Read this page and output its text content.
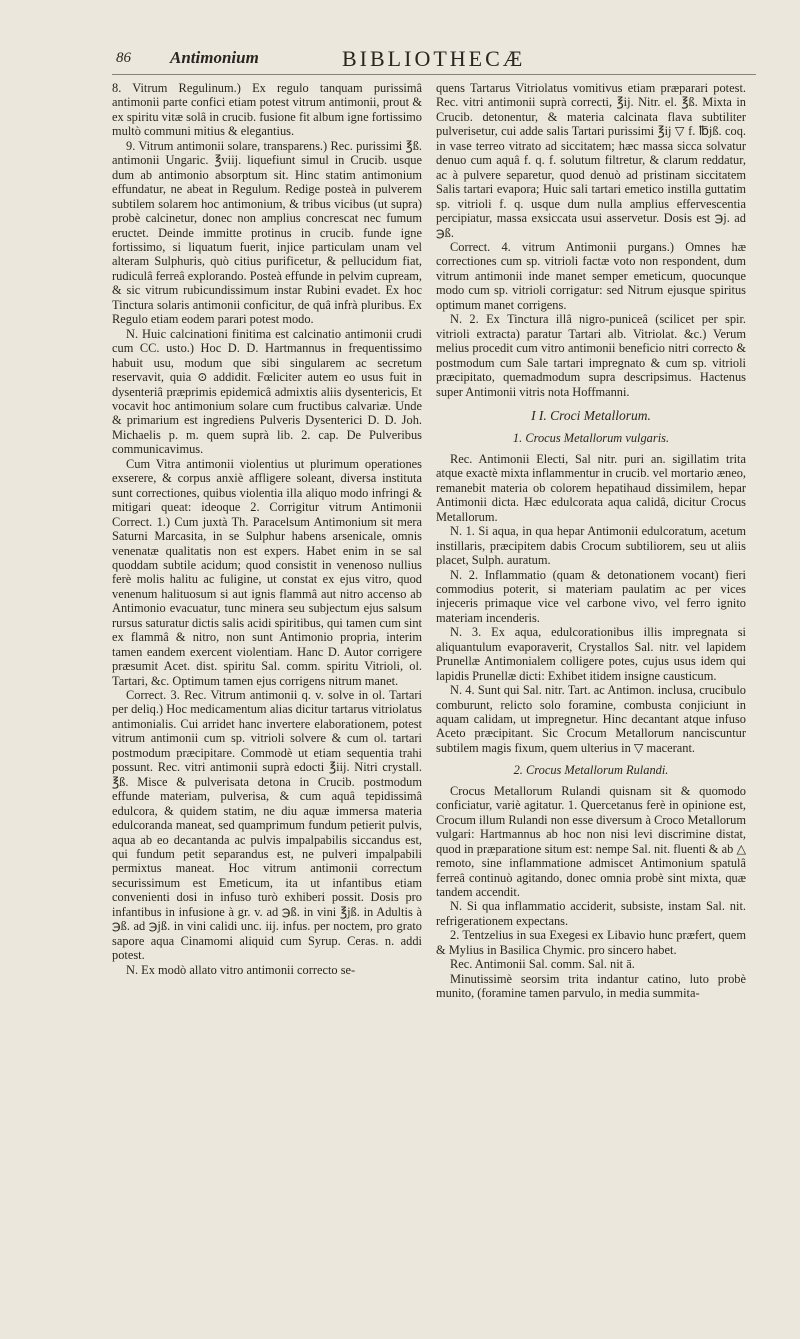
86 Antimonium	BIBLIOTHECÆ

8. Vitrum Regulinum.) Ex regulo tanquam purissimâ antimonii parte confici etiam potest vitrum antimonii, prout & ex spiritu vitæ solâ in crucib. fusione fit album igne fortissimo multò communi mitius & elegantius.

9. Vitrum antimonii solare, transparens.) Rec. purissimi ℥ß. antimonii Ungaric. ℥viij. liquefiunt simul in Crucib. usque dum ab antimonio absorptum sit. Hinc statim antimonium effundatur, ne abeat in Regulum. Redige posteà in pulverem subtilem solarem hoc antimonium, & tribus vicibus (ut supra) probè calcinetur, donec non amplius concrescat nec fumum eructet. Deinde immitte protinus in crucib. funde igne fortissimo, si liquatum fuerit, injice particulam unam vel alteram Sulphuris, quò citius purificetur, & pellucidum fiat, rudiculâ ferreâ explorando. Posteà effunde in pelvim cupream, & sic vitrum rubicundissimum instar Rubini evadet. Ex hoc Tinctura solaris antimonii conficitur, de quâ infrà pluribus. Ex Regulo etiam eodem parari potest modo.

N. Huic calcinationi finitima est calcinatio antimonii crudi cum CC. usto.) Hoc D. D. Hartmannus in frequentissimo habuit usu, modum que sibi singularem ac secretum reservavit, quia ⊙ addidit. Fœliciter autem eo usus fuit in dysenteriâ præprimis epidemicâ admixtis aliis dysentericis, Et vocavit hoc antimonium solare cum fructibus calvariæ. Unde & primarium est ingrediens Pulveris Dysenterici D. D. Joh. Michaelis p. m. quem suprà lib. 2. cap. De Pulveribus communicavimus.

Cum Vitra antimonii violentius ut plurimum operationes exserere, & corpus anxiè affligere soleant, diversa instituta sunt correctiones, quibus violentia illa aliquo modo infringi & mitigari queat: ideoque 2. Corrigitur vitrum Antimonii Correct. 1.) Cum juxtà Th. Paracelsum Antimonium sit mera Saturni Marcasita, in se Sulphur habens arsenicale, omnis venenatæ qualitatis non est expers. Habet enim in se sal quoddam subtile acidum; quod consistit in venenoso nullius ferè molis halitu ac fuligine, ut constat ex ejus vitro, quod venenum halituosum si aut ignis flammâ aut nitro accenso ab Antimonio evacuatur, tunc minera seu subjectum ejus salsum rursus saturatur dictis salis acidi spiritibus, qui tamen cum sint ex flammâ & nitro, non sunt Antimonio propria, interim tamen eandem exercent violentiam. Hanc D. Autor corrigere præsumit Acet. dist. spiritu Sal. comm. spiritu Vitrioli, ol. Tartari, &c. Optimum tamen ejus corrigens nitrum manet.

Correct. 3. Rec. Vitrum antimonii q. v. solve in ol. Tartari per deliq.) Hoc medicamentum alias dicitur tartarus vitriolatus antimonialis. Cui arridet hanc invertere elaborationem, potest vitrum antimonii cum sp. vitrioli solvere & cum ol. tartari postmodum præcipitare. Commodè ut etiam sequentia trahi possunt. Rec. vitri antimonii suprà edocti ℥iij. Nitri crystall. ℥ß. Misce & pulverisata detona in Crucib. postmodum effunde materiam, pulverisa, & cum aquâ tepidissimâ edulcora, & quidem statim, ne diu aquæ immersa materia edulcoranda maneat, sed quamprimum fundum petierit pulvis, aqua ab eo decantanda ac pulvis impalpabilis siccandus est, qui fundum petit separandus est, ne pulveri impalpabili permixtus maneat. Hoc vitrum antimonii correctum securissimum est Emeticum, ita ut infantibus etiam convenienti dosi in infuso turò exhiberi possit. Dosis pro infantibus in infusione à gr. v. ad ℈ß. in vini ℥jß. in Adultis à ℈ß. ad ℈jß. in vini calidi unc. iij. infus. per noctem, pro grato sapore aqua Cinamomi aliquid cum Syrup. Ceras. n. addi potest.

N. Ex modò allato vitro antimonii correcto se-

quens Tartarus Vitriolatus vomitivus etiam præparari potest. Rec. vitri antimonii suprà correcti, ℥ij. Nitr. el. ℥ß. Mixta in Crucib. detonentur, & materia calcinata flava subtiliter pulverisetur, cui adde salis Tartari purissimi ℥ij ▽ f. ℔jß. coq. in vase terreo vitrato ad siccitatem; hæc massa sicca solvatur denuo cum aquâ f. q. f. solutum filtretur, & clarum reddatur, ac à pulvere separetur, quod denuò ad pristinam siccitatem Salis tartari evapora; Huic sali tartari emetico instilla guttatim sp. vitrioli f. q. usque dum nulla amplius effervescentia percipiatur, massa exsiccata usui asservetur. Dosis est ℈j. ad ℈ß.

Correct. 4. vitrum Antimonii purgans.) Omnes hæ correctiones cum sp. vitrioli factæ voto non respondent, dum vitrum antimonii inde manet semper emeticum, quocunque modo cum sp. vitrioli corrigatur: sed Nitrum ejusque spiritus optimum manet corrigens.

N. 2. Ex Tinctura illâ nigro-puniceâ (scilicet per spir. vitrioli extracta) paratur Tartari alb. Vitriolat. &c.) Verum melius procedit cum vitro antimonii beneficio nitri correcto & postmodum cum Sale tartari impregnato & cum sp. vitrioli præcipitato, quemadmodum supra descripsimus. Hactenus super Antimonii vitris nota Hoffmanni.

I I. Croci Metallorum.

1. Crocus Metallorum vulgaris.

Rec. Antimonii Electi, Sal nitr. puri an. sigillatim trita atque exactè mixta inflammentur in crucib. vel mortario æneo, remanebit materia ob colorem hepatihaud dissimilem, hepar Antimonii dicta. Hæc edulcorata aqua calidâ, dicitur Crocus Metallorum.

N. 1. Si aqua, in qua hepar Antimonii edulcoratum, acetum instillaris, præcipitem dabis Crocum subtiliorem, seu ut aliis placet, Sulph. auratum.

N. 2. Inflammatio (quam & detonationem vocant) fieri commodius poterit, si materiam paulatim ac per vices injeceris primaque vice vel carbone vivo, vel ferro ignito materiam incenderis.

N. 3. Ex aqua, edulcorationibus illis impregnata si aliquantulum evaporaverit, Crystallos Sal. nitr. vel lapidem Prunellæ Antimonialem colligere potes, cujus usus idem qui lapidis Prunellæ dicti: Exhibet itidem insigne causticum.

N. 4. Sunt qui Sal. nitr. Tart. ac Antimon. inclusa, crucibulo comburunt, relicto solo foramine, combusta conjiciunt in aquam calidam, ut impregnetur. Hinc decantant atque infuso Aceto præcipitant. Sic Crocum Metallorum nanciscuntur subtilem magis fixum, quem ulterius in ▽ macerant.

2. Crocus Metallorum Rulandi.

Crocus Metallorum Rulandi quisnam sit & quomodo conficiatur, variè agitatur. 1. Quercetanus ferè in opinione est, Crocum illum Rulandi non esse diversum à Croco Metallorum vulgari: Hartmannus ab hoc non nisi levi discrimine distat, quod in præparatione situm est: nempe Sal. nit. fluenti & ab △ remoto, sine inflammatione admiscet Antimonium spatulâ ferreâ continuò agitando, donec omnia probè sint mixta, quæ tandem accendit.

N. Si qua inflammatio acciderit, subsiste, instam Sal. nit. refrigerationem expectans.

2. Tentzelius in sua Exegesi ex Libavio hunc præfert, quem & Mylius in Basilica Chymic. pro sincero habet.

Rec. Antimonii Sal. comm. Sal. nit ā.

Minutissimè seorsim trita indantur catino, luto probè munito, (foramine tamen parvulo, in media summita-
